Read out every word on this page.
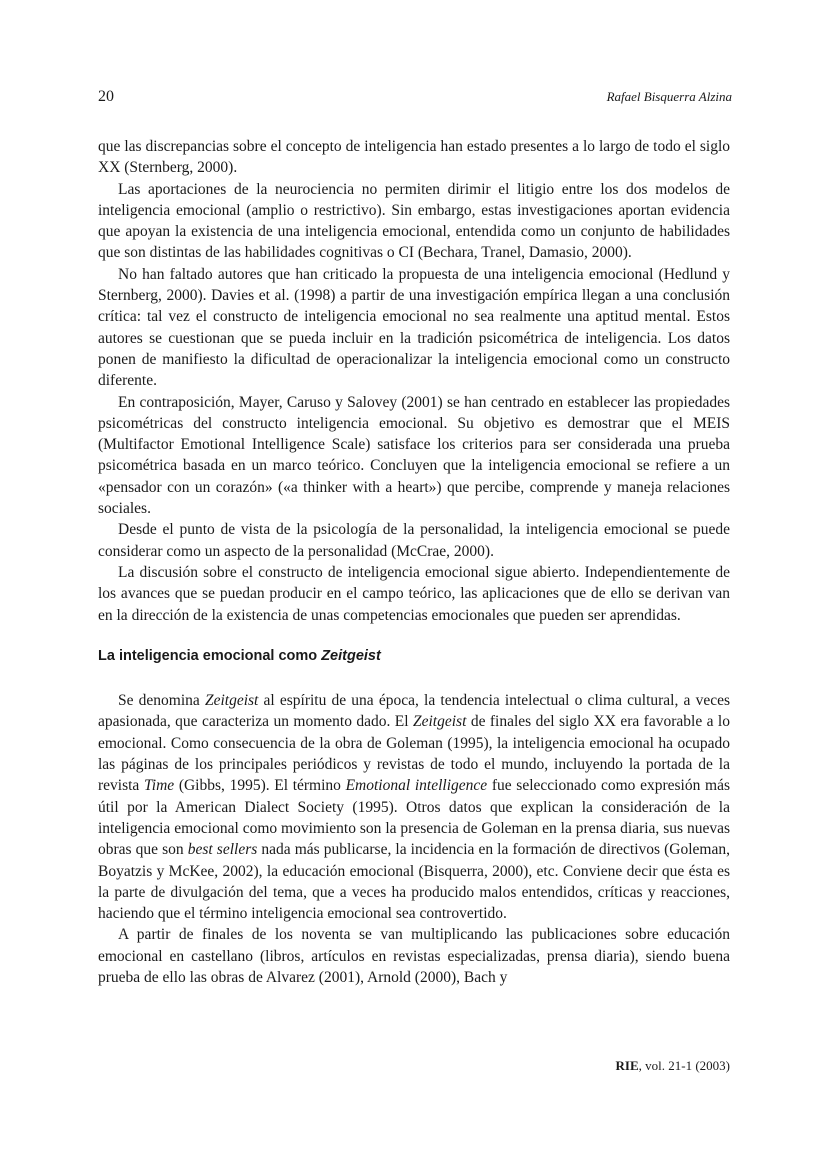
20	Rafael Bisquerra Alzina

que las discrepancias sobre el concepto de inteligencia han estado presentes a lo largo de todo el siglo XX (Sternberg, 2000).

Las aportaciones de la neurociencia no permiten dirimir el litigio entre los dos modelos de inteligencia emocional (amplio o restrictivo). Sin embargo, estas investigaciones aportan evidencia que apoyan la existencia de una inteligencia emocional, entendida como un conjunto de habilidades que son distintas de las habilidades cognitivas o CI (Bechara, Tranel, Damasio, 2000).

No han faltado autores que han criticado la propuesta de una inteligencia emocional (Hedlund y Sternberg, 2000). Davies et al. (1998) a partir de una investigación empírica llegan a una conclusión crítica: tal vez el constructo de inteligencia emocional no sea realmente una aptitud mental. Estos autores se cuestionan que se pueda incluir en la tradición psicométrica de inteligencia. Los datos ponen de manifiesto la dificultad de operacionalizar la inteligencia emocional como un constructo diferente.

En contraposición, Mayer, Caruso y Salovey (2001) se han centrado en establecer las propiedades psicométricas del constructo inteligencia emocional. Su objetivo es demostrar que el MEIS (Multifactor Emotional Intelligence Scale) satisface los criterios para ser considerada una prueba psicométrica basada en un marco teórico. Concluyen que la inteligencia emocional se refiere a un «pensador con un corazón» («a thinker with a heart») que percibe, comprende y maneja relaciones sociales.

Desde el punto de vista de la psicología de la personalidad, la inteligencia emocional se puede considerar como un aspecto de la personalidad (McCrae, 2000).

La discusión sobre el constructo de inteligencia emocional sigue abierto. Independientemente de los avances que se puedan producir en el campo teórico, las aplicaciones que de ello se derivan van en la dirección de la existencia de unas competencias emocionales que pueden ser aprendidas.

La inteligencia emocional como Zeitgeist

Se denomina Zeitgeist al espíritu de una época, la tendencia intelectual o clima cultural, a veces apasionada, que caracteriza un momento dado. El Zeitgeist de finales del siglo XX era favorable a lo emocional. Como consecuencia de la obra de Goleman (1995), la inteligencia emocional ha ocupado las páginas de los principales periódicos y revistas de todo el mundo, incluyendo la portada de la revista Time (Gibbs, 1995). El término Emotional intelligence fue seleccionado como expresión más útil por la American Dialect Society (1995). Otros datos que explican la consideración de la inteligencia emocional como movimiento son la presencia de Goleman en la prensa diaria, sus nuevas obras que son best sellers nada más publicarse, la incidencia en la formación de directivos (Goleman, Boyatzis y McKee, 2002), la educación emocional (Bisquerra, 2000), etc. Conviene decir que ésta es la parte de divulgación del tema, que a veces ha producido malos entendidos, críticas y reacciones, haciendo que el término inteligencia emocional sea controvertido.

A partir de finales de los noventa se van multiplicando las publicaciones sobre educación emocional en castellano (libros, artículos en revistas especializadas, prensa diaria), siendo buena prueba de ello las obras de Alvarez (2001), Arnold (2000), Bach y

RIE, vol. 21-1 (2003)
